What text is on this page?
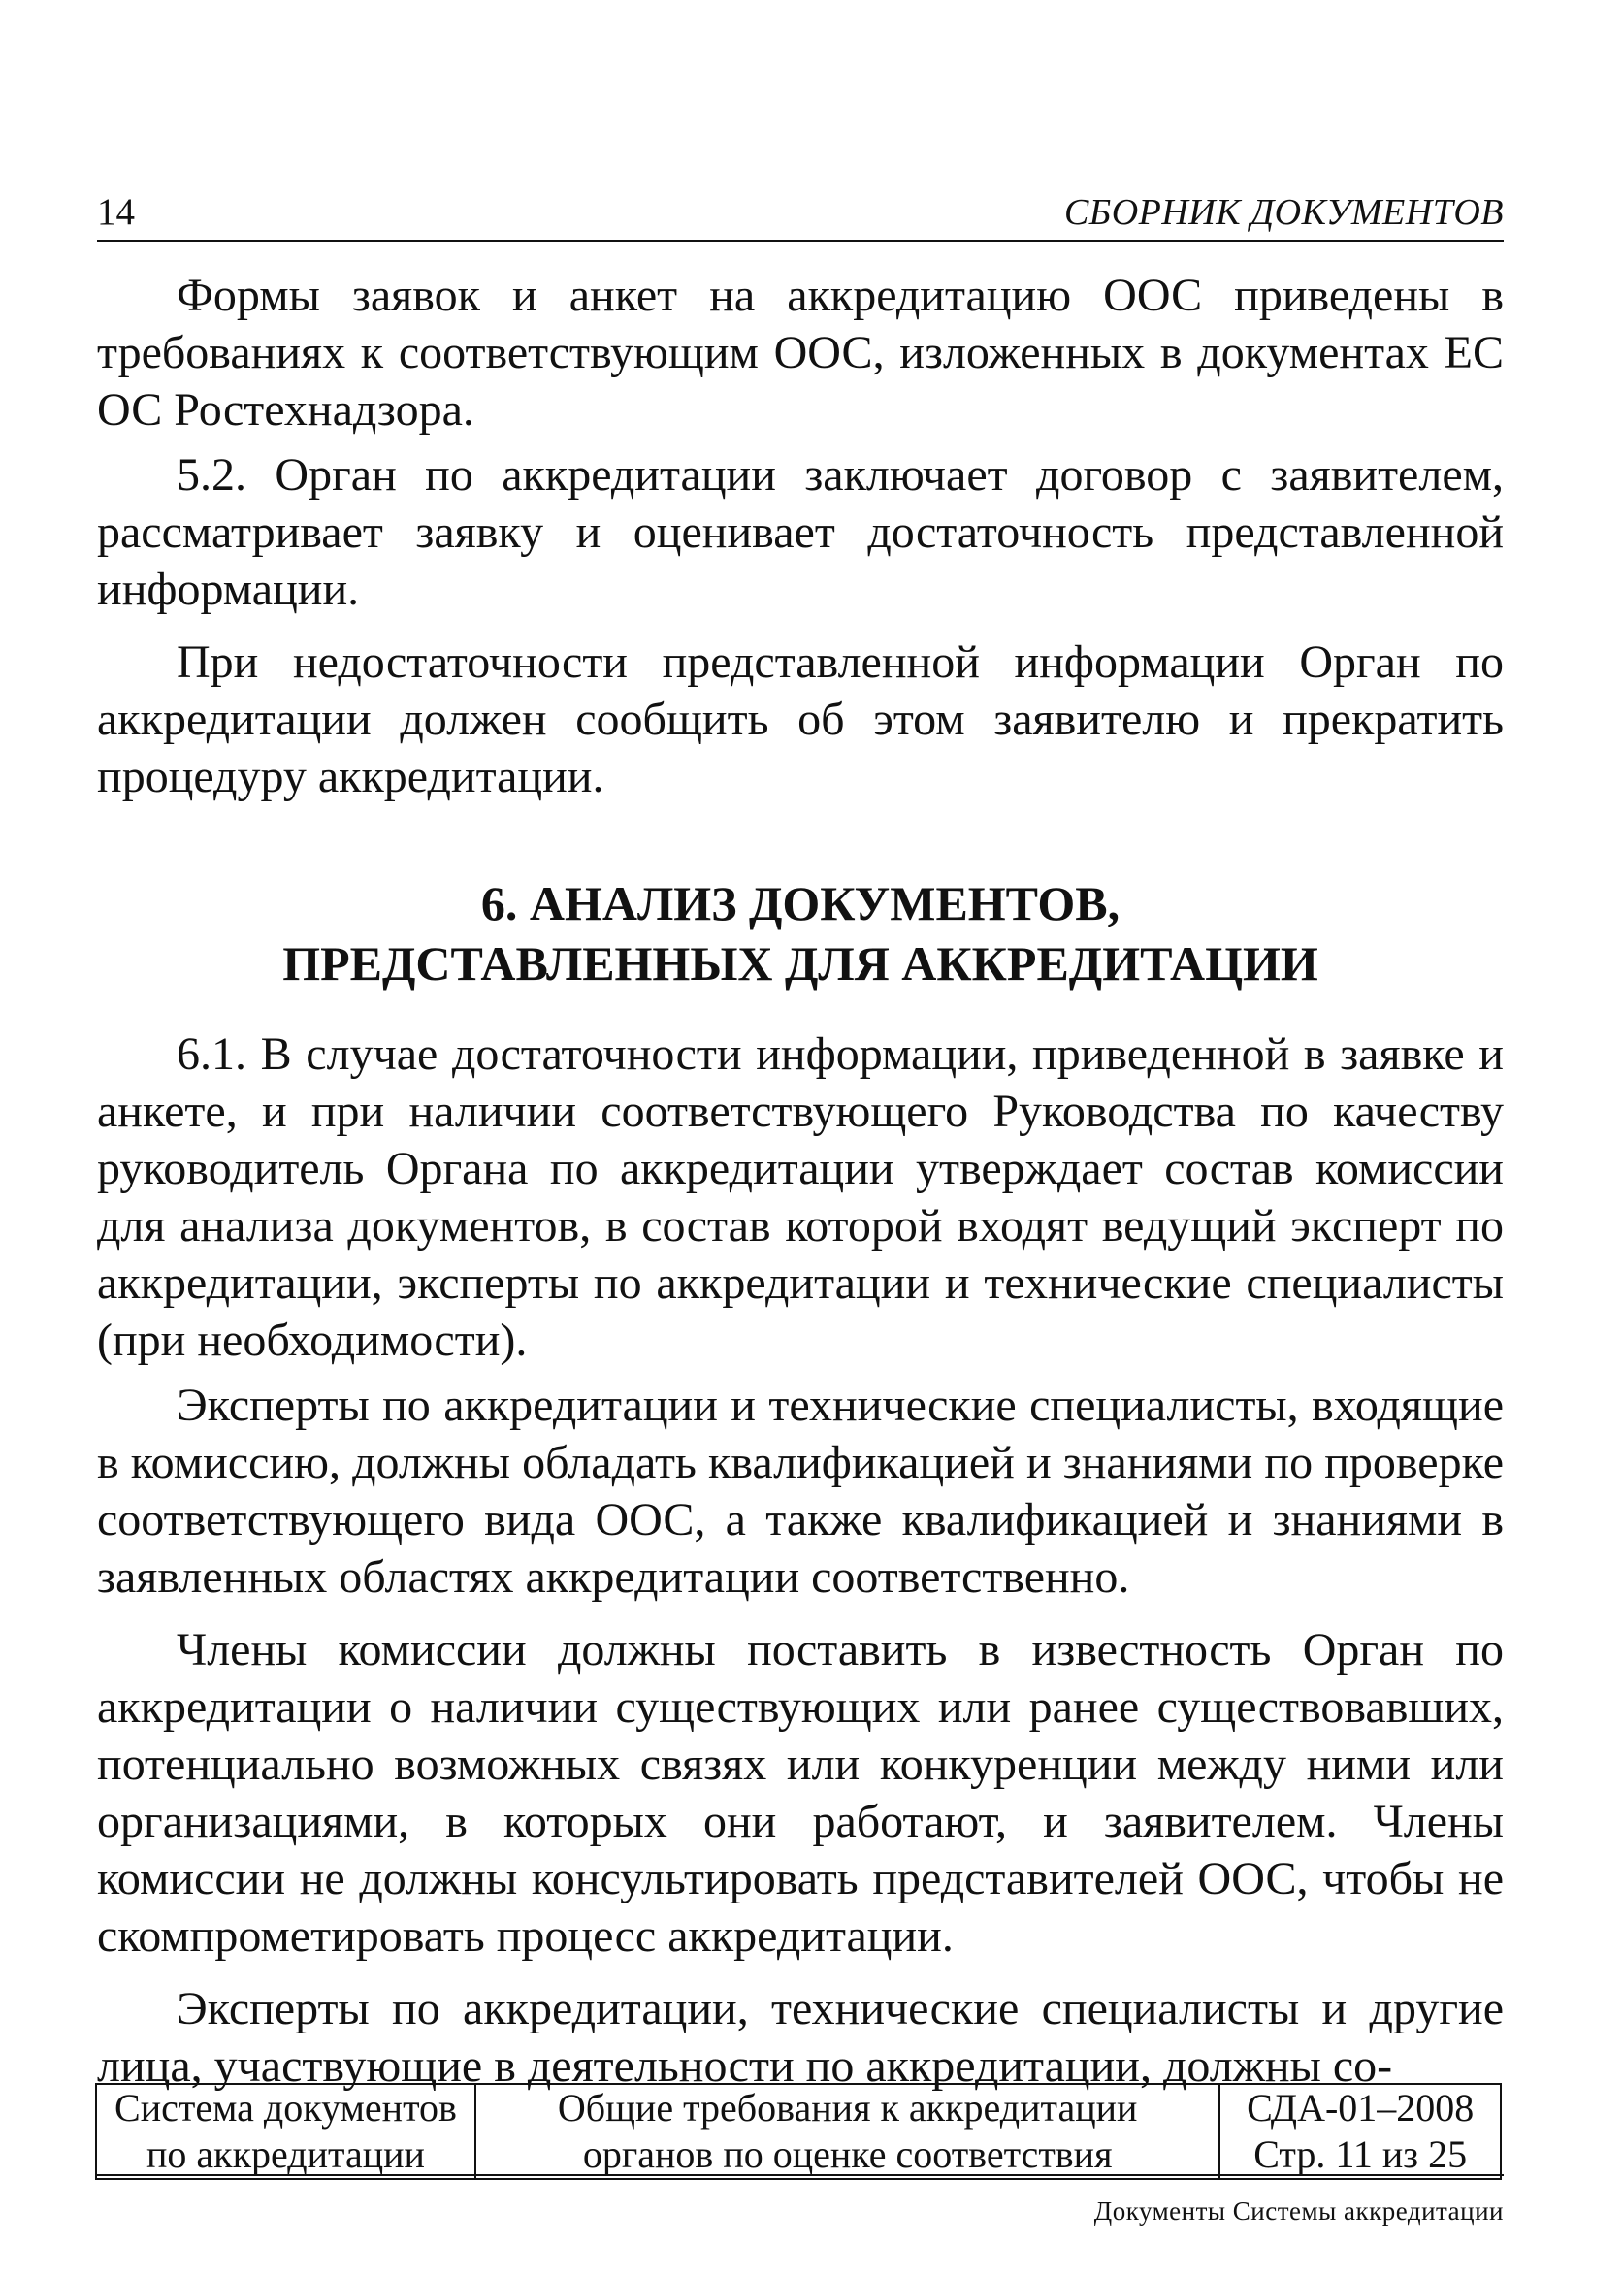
14	СБОРНИК ДОКУМЕНТОВ

Формы заявок и анкет на аккредитацию ООС приведены в требованиях к соответствующим ООС, изложенных в документах ЕС ОС Ростехнадзора.

5.2. Орган по аккредитации заключает договор с заявителем, рассматривает заявку и оценивает достаточность представленной информации.

При недостаточности представленной информации Орган по аккредитации должен сообщить об этом заявителю и прекратить процедуру аккредитации.

6. АНАЛИЗ ДОКУМЕНТОВ,
ПРЕДСТАВЛЕННЫХ ДЛЯ АККРЕДИТАЦИИ

6.1. В случае достаточности информации, приведенной в заявке и анкете, и при наличии соответствующего Руководства по качеству руководитель Органа по аккредитации утверждает состав комиссии для анализа документов, в состав которой входят ведущий эксперт по аккредитации, эксперты по аккредитации и технические специалисты (при необходимости).

Эксперты по аккредитации и технические специалисты, входящие в комиссию, должны обладать квалификацией и знаниями по проверке соответствующего вида ООС, а также квалификацией и знаниями в заявленных областях аккредитации соответственно.

Члены комиссии должны поставить в известность Орган по аккредитации о наличии существующих или ранее существовавших, потенциально возможных связях или конкуренции между ними или организациями, в которых они работают, и заявителем. Члены комиссии не должны консультировать представителей ООС, чтобы не скомпрометировать процесс аккредитации.

Эксперты по аккредитации, технические специалисты и другие лица, участвующие в деятельности по аккредитации, должны со-

Система документов
по аккредитации

Общие требования к аккредитации
органов по оценке соответствия

СДА-01–2008
Стр. 11 из 25
Документы Системы аккредитации
